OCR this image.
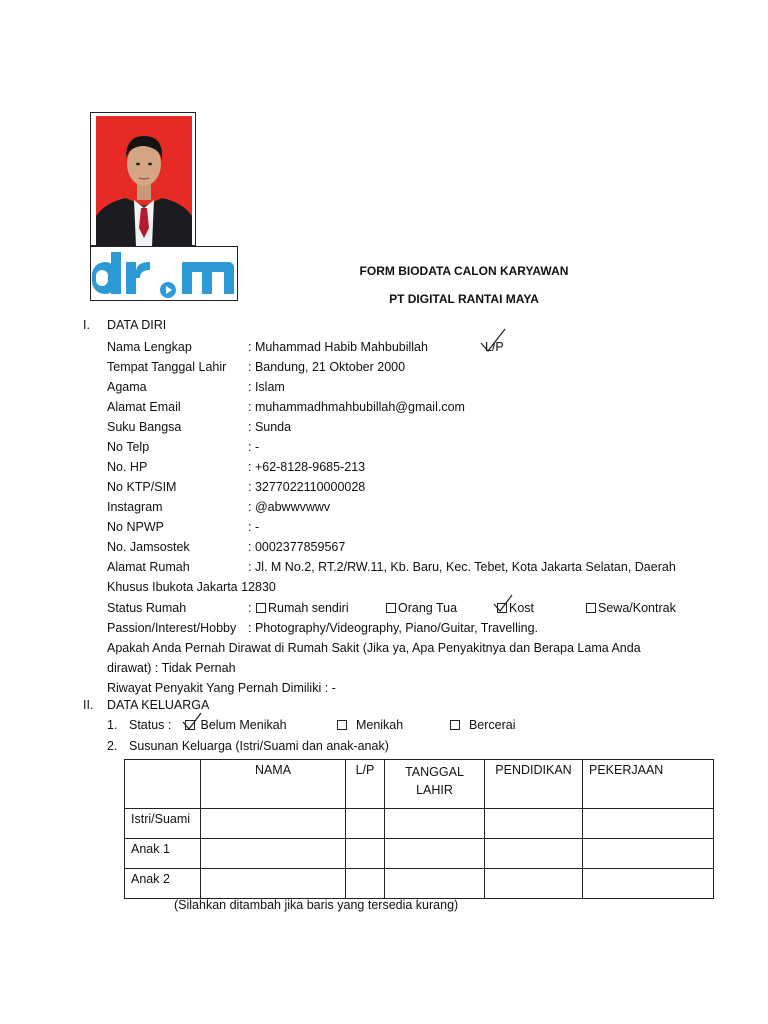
FORM BIODATA CALON KARYAWAN
PT DIGITAL RANTAI MAYA
I. DATA DIRI
Nama Lengkap	: Muhammad Habib Mahbubillah	L/P
Tempat Tanggal Lahir : Bandung, 21 Oktober 2000
Agama	: Islam
Alamat Email	: muhammadhmahbubillah@gmail.com
Suku Bangsa	: Sunda
No Telp	: -
No. HP	: +62-8128-9685-213
No KTP/SIM	: 3277022110000028
Instagram	: @abwwvwwv
No NPWP	: -
No. Jamsostek	: 0002377859567
Alamat Rumah	: Jl. M No.2, RT.2/RW.11, Kb. Baru, Kec. Tebet, Kota Jakarta Selatan, Daerah
Khusus Ibukota Jakarta 12830
Status Rumah	:	Rumah sendiri	Orang Tua	Kost	Sewa/Kontrak
Passion/Interest/Hobby : Photography/Videography, Piano/Guitar, Travelling.
Apakah Anda Pernah Dirawat di Rumah Sakit (Jika ya, Apa Penyakitnya dan Berapa Lama Anda
dirawat) : Tidak Pernah
Riwayat Penyakit Yang Pernah Dimiliki : -
II. DATA KELUARGA
1. Status :	Belum Menikah	Menikah	Bercerai
2. Susunan Keluarga (Istri/Suami dan anak-anak)
	NAMA	L/P	TANGGAL LAHIR	PENDIDIKAN	PEKERJAAN
Istri/Suami					
Anak 1					
Anak 2					
(Silahkan ditambah jika baris yang tersedia kurang)
